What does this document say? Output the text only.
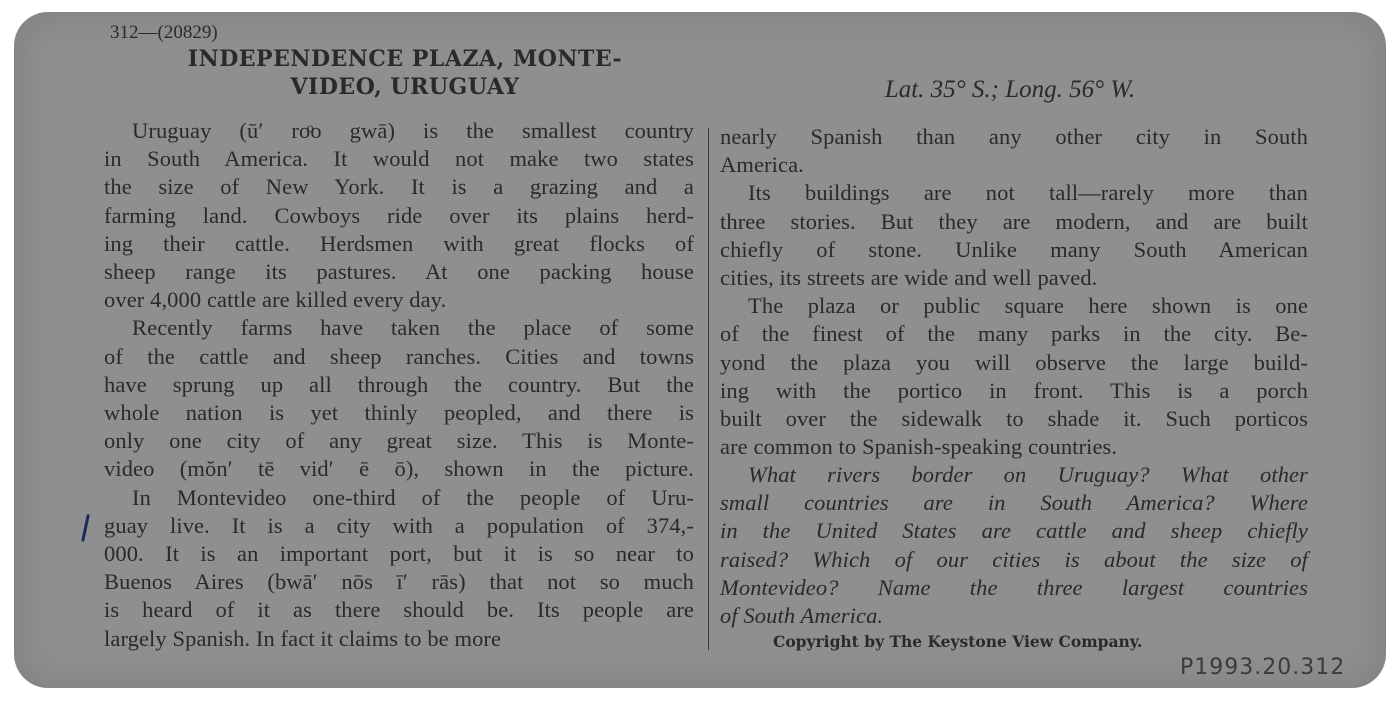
312—(20829)
INDEPENDENCE PLAZA, MONTE-
VIDEO, URUGUAY	Lat. 35° S.; Long. 56° W.
Uruguay (ū′ roͦo gwā) is the smallest country
in South America. It would not make two states
the size of New York. It is a grazing and a
farming land. Cowboys ride over its plains herd-
ing their cattle. Herdsmen with great flocks of
sheep range its pastures. At one packing house
over 4,000 cattle are killed every day.
Recently farms have taken the place of some
of the cattle and sheep ranches. Cities and towns
have sprung up all through the country. But the
whole nation is yet thinly peopled, and there is
only one city of any great size. This is Monte-
video (mŏn′ tē vid′ ē ō), shown in the picture.
In Montevideo one-third of the people of Uru-
guay live. It is a city with a population of 374,-
000. It is an important port, but it is so near to
Buenos Aires (bwā′ nōs ī′ rās) that not so much
is heard of it as there should be. Its people are
largely Spanish. In fact it claims to be more
nearly Spanish than any other city in South
America.
Its buildings are not tall—rarely more than
three stories. But they are modern, and are built
chiefly of stone. Unlike many South American
cities, its streets are wide and well paved.
The plaza or public square here shown is one
of the finest of the many parks in the city. Be-
yond the plaza you will observe the large build-
ing with the portico in front. This is a porch
built over the sidewalk to shade it. Such porticos
are common to Spanish-speaking countries.
What rivers border on Uruguay? What other
small countries are in South America? Where
in the United States are cattle and sheep chiefly
raised? Which of our cities is about the size of
Montevideo? Name the three largest countries
of South America.
Copyright by The Keystone View Company.
P1993.20.312
